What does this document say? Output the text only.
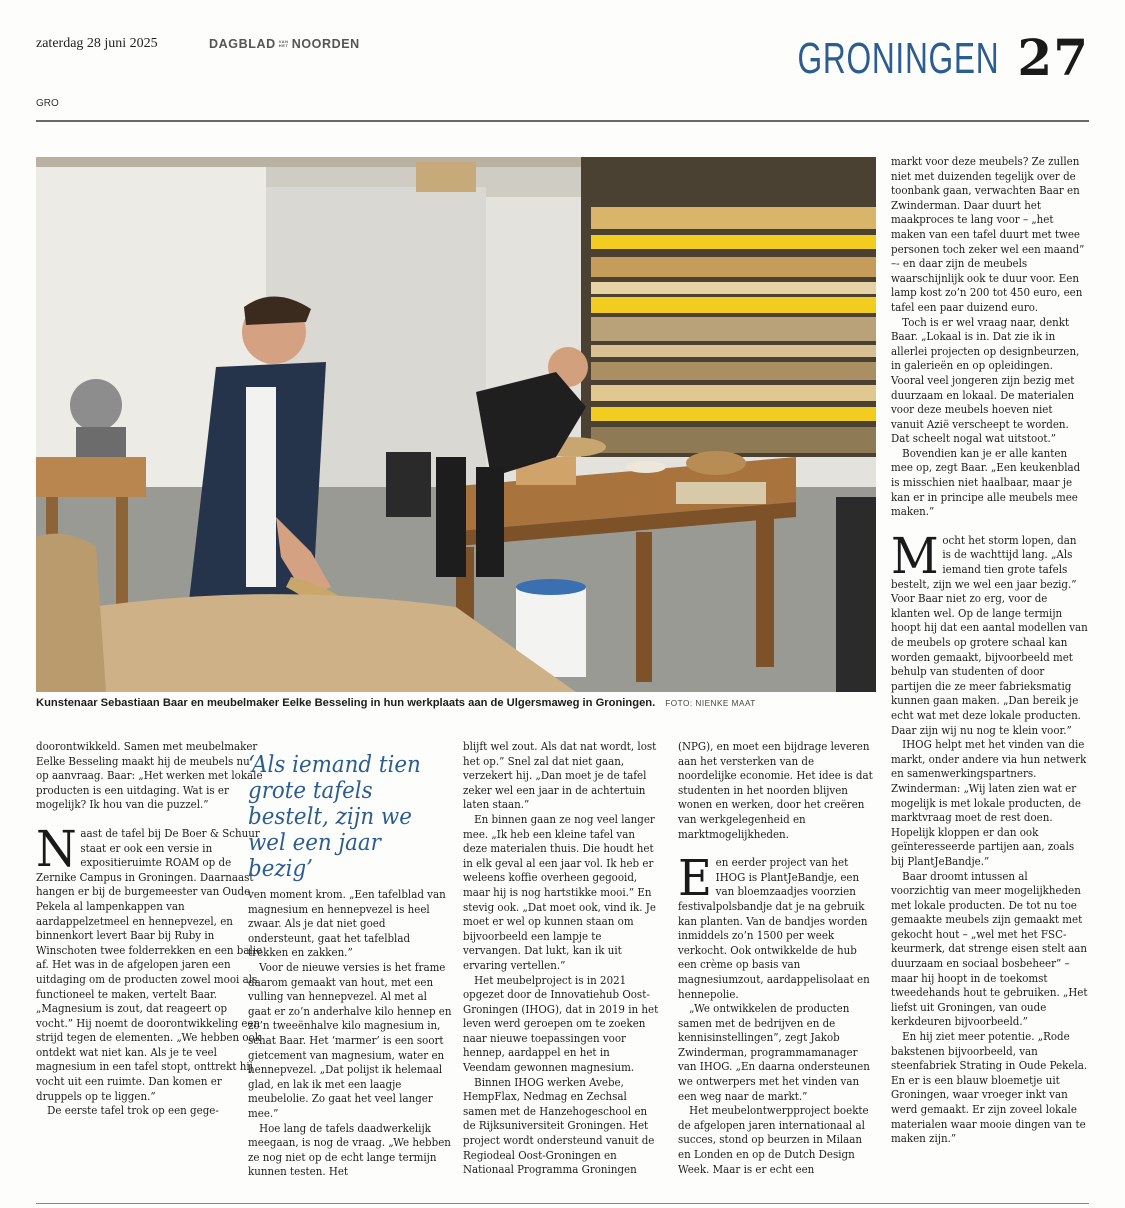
zaterdag 28 juni 2025	DAGBLAD VAN HET NOORDEN	GRONINGEN 27
GRO
Kunstenaar Sebastiaan Baar en meubelmaker Eelke Besseling in hun werkplaats aan de Ulgersmaweg in Groningen. FOTO: NIENKE MAAT

doorontwikkeld. Samen met meubelmaker Eelke Besseling maakt hij de meubels nu op aanvraag. Baar: „Het werken met lokale producten is een uitdaging. Wat is er mogelijk? Ik hou van die puzzel.”

Naast de tafel bij De Boer & Schuur staat er ook een versie in expositieruimte ROAM op de Zernike Campus in Groningen. Daarnaast hangen er bij de burgemeester van Oude Pekela al lampenkappen van aardappelzetmeel en hennepvezel, en binnenkort levert Baar bij Ruby in Winschoten twee folderrekken en een balie af. Het was in de afgelopen jaren een uitdaging om de producten zowel mooi als functioneel te maken, vertelt Baar. „Magnesium is zout, dat reageert op vocht.” Hij noemt de doorontwikkeling een strijd tegen de elementen. „We hebben ook ontdekt wat niet kan. Als je te veel magnesium in een tafel stopt, onttrekt hij vocht uit een ruimte. Dan komen er druppels op te liggen.”

De eerste tafel trok op een gege-

‘Als iemand tien grote tafels bestelt, zijn we wel een jaar bezig’

ven moment krom. „Een tafelblad van magnesium en hennepvezel is heel zwaar. Als je dat niet goed ondersteunt, gaat het tafelblad trekken en zakken.”

Voor de nieuwe versies is het frame daarom gemaakt van hout, met een vulling van hennepvezel. Al met al gaat er zo’n anderhalve kilo hennep en zo’n tweeënhalve kilo magnesium in, schat Baar. Het ‘marmer’ is een soort gietcement van magnesium, water en hennepvezel. „Dat polijst ik helemaal glad, en lak ik met een laagje meubelolie. Zo gaat het veel langer mee.”

Hoe lang de tafels daadwerkelijk meegaan, is nog de vraag. „We hebben ze nog niet op de echt lange termijn kunnen testen. Het

blijft wel zout. Als dat nat wordt, lost het op.” Snel zal dat niet gaan, verzekert hij. „Dan moet je de tafel zeker wel een jaar in de achtertuin laten staan.”

En binnen gaan ze nog veel langer mee. „Ik heb een kleine tafel van deze materialen thuis. Die houdt het in elk geval al een jaar vol. Ik heb er weleens koffie overheen gegooid, maar hij is nog hartstikke mooi.” En stevig ook. „Dat moet ook, vind ik. Je moet er wel op kunnen staan om bijvoorbeeld een lampje te vervangen. Dat lukt, kan ik uit ervaring vertellen.”

Het meubelproject is in 2021 opgezet door de Innovatiehub Oost-Groningen (IHOG), dat in 2019 in het leven werd geroepen om te zoeken naar nieuwe toepassingen voor hennep, aardappel en het in Veendam gewonnen magnesium.

Binnen IHOG werken Avebe, HempFlax, Nedmag en Zechsal samen met de Hanzehogeschool en de Rijksuniversiteit Groningen. Het project wordt ondersteund vanuit de Regiodeal Oost-Groningen en Nationaal Programma Groningen

(NPG), en moet een bijdrage leveren aan het versterken van de noordelijke economie. Het idee is dat studenten in het noorden blijven wonen en werken, door het creëren van werkgelegenheid en marktmogelijkheden.

Een eerder project van het IHOG is PlantJeBandje, een van bloemzaadjes voorzien festivalpolsbandje dat je na gebruik kan planten. Van de bandjes worden inmiddels zo’n 1500 per week verkocht. Ook ontwikkelde de hub een crème op basis van magnesiumzout, aardappelisolaat en hennepolie.

„We ontwikkelen de producten samen met de bedrijven en de kennisinstellingen”, zegt Jakob Zwinderman, programmamanager van IHOG. „En daarna ondersteunen we ontwerpers met het vinden van een weg naar de markt.”

Het meubelontwerpproject boekte de afgelopen jaren internationaal al succes, stond op beurzen in Milaan en Londen en op de Dutch Design Week. Maar is er echt een

markt voor deze meubels? Ze zullen niet met duizenden tegelijk over de toonbank gaan, verwachten Baar en Zwinderman. Daar duurt het maakproces te lang voor – „het maken van een tafel duurt met twee personen toch zeker wel een maand” –- en daar zijn de meubels waarschijnlijk ook te duur voor. Een lamp kost zo’n 200 tot 450 euro, een tafel een paar duizend euro.

Toch is er wel vraag naar, denkt Baar. „Lokaal is in. Dat zie ik in allerlei projecten op designbeurzen, in galerieën en op opleidingen. Vooral veel jongeren zijn bezig met duurzaam en lokaal. De materialen voor deze meubels hoeven niet vanuit Azië verscheept te worden. Dat scheelt nogal wat uitstoot.”

Bovendien kan je er alle kanten mee op, zegt Baar. „Een keukenblad is misschien niet haalbaar, maar je kan er in principe alle meubels mee maken.”

Mocht het storm lopen, dan is de wachttijd lang. „Als iemand tien grote tafels bestelt, zijn we wel een jaar bezig.” Voor Baar niet zo erg, voor de klanten wel. Op de lange termijn hoopt hij dat een aantal modellen van de meubels op grotere schaal kan worden gemaakt, bijvoorbeeld met behulp van studenten of door partijen die ze meer fabrieksmatig kunnen gaan maken. „Dan bereik je echt wat met deze lokale producten. Daar zijn wij nu nog te klein voor.”

IHOG helpt met het vinden van die markt, onder andere via hun netwerk en samenwerkingspartners. Zwinderman: „Wij laten zien wat er mogelijk is met lokale producten, de marktvraag moet de rest doen. Hopelijk kloppen er dan ook geïnteresseerde partijen aan, zoals bij PlantJeBandje.”

Baar droomt intussen al voorzichtig van meer mogelijkheden met lokale producten. De tot nu toe gemaakte meubels zijn gemaakt met gekocht hout – „wel met het FSC-keurmerk, dat strenge eisen stelt aan duurzaam en sociaal bosbeheer” – maar hij hoopt in de toekomst tweedehands hout te gebruiken. „Het liefst uit Groningen, van oude kerkdeuren bijvoorbeeld.”

En hij ziet meer potentie. „Rode bakstenen bijvoorbeeld, van steenfabriek Strating in Oude Pekela. En er is een blauw bloemetje uit Groningen, waar vroeger inkt van werd gemaakt. Er zijn zoveel lokale materialen waar mooie dingen van te maken zijn.”
